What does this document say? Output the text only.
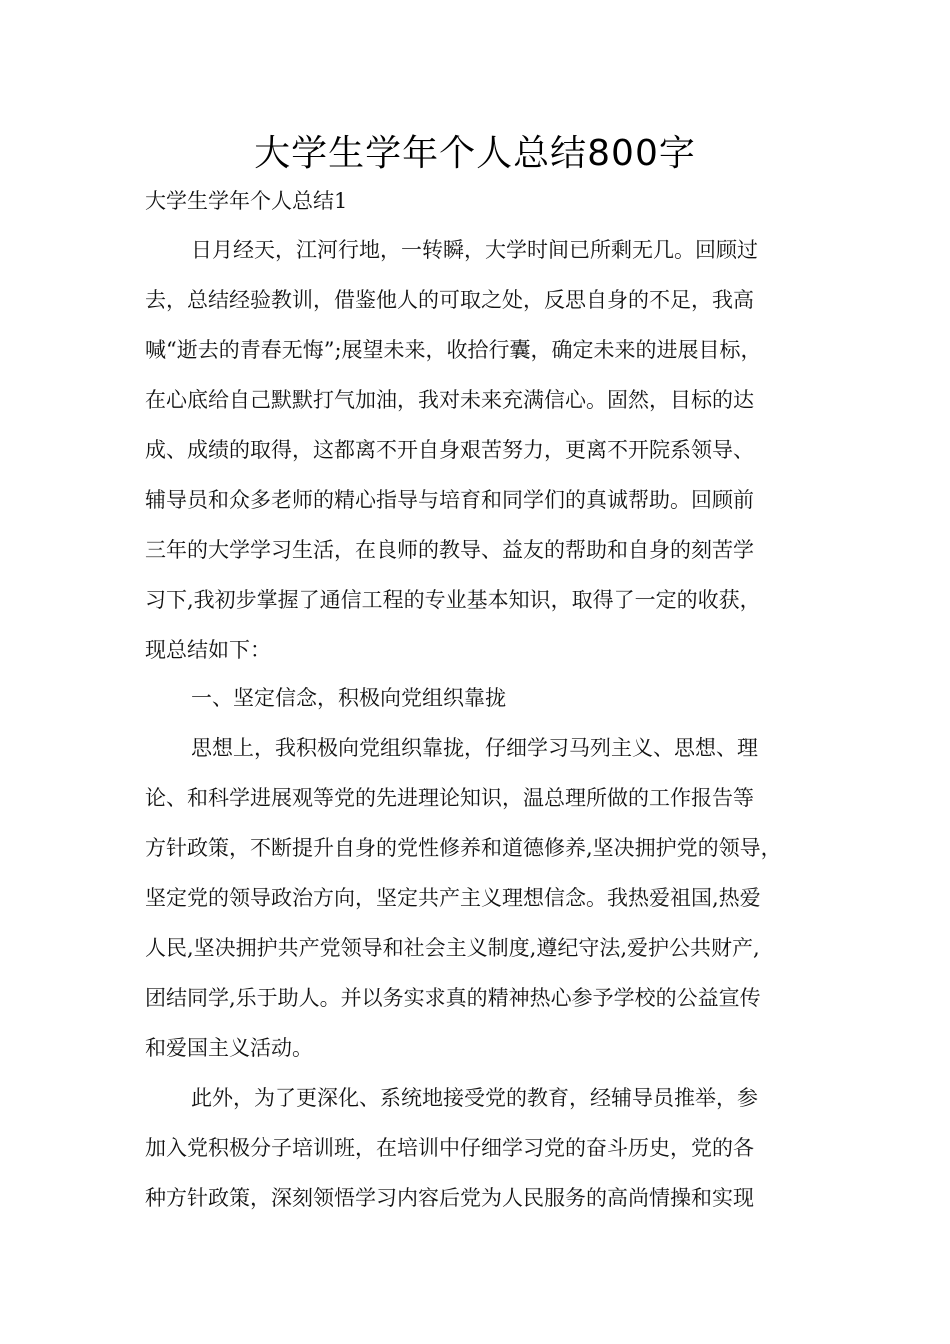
大学生学年个人总结800字

大学生学年个人总结1

日月经天，江河行地，一转瞬，大学时间已所剩无几。回顾过
去，总结经验教训，借鉴他人的可取之处，反思自身的不足，我高
喊“逝去的青春无悔”;展望未来，收拾行囊，确定未来的进展目标，
在心底给自己默默打气加油，我对未来充满信心。固然，目标的达
成、成绩的取得，这都离不开自身艰苦努力，更离不开院系领导、
辅导员和众多老师的精心指导与培育和同学们的真诚帮助。回顾前
三年的大学学习生活，在良师的教导、益友的帮助和自身的刻苦学
习下,我初步掌握了通信工程的专业基本知识，取得了一定的收获，
现总结如下：
一、坚定信念，积极向党组织靠拢
思想上，我积极向党组织靠拢，仔细学习马列主义、思想、理
论、和科学进展观等党的先进理论知识，温总理所做的工作报告等
方针政策，不断提升自身的党性修养和道德修养,坚决拥护党的领导，
坚定党的领导政治方向，坚定共产主义理想信念。我热爱祖国,热爱
人民,坚决拥护共产党领导和社会主义制度,遵纪守法,爱护公共财产,
团结同学,乐于助人。并以务实求真的精神热心参予学校的公益宣传
和爱国主义活动。
此外，为了更深化、系统地接受党的教育，经辅导员推举，参
加入党积极分子培训班，在培训中仔细学习党的奋斗历史，党的各
种方针政策，深刻领悟学习内容后党为人民服务的高尚情操和实现
